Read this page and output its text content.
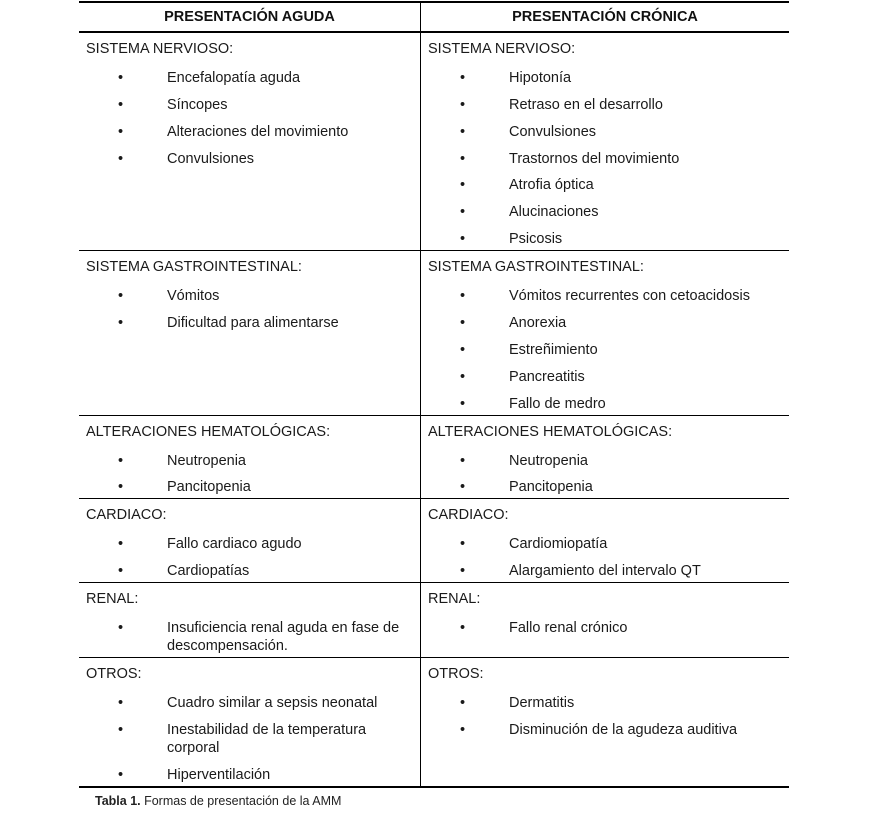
PRESENTACIÓN AGUDA	PRESENTACIÓN CRÓNICA

SISTEMA NERVIOSO:
•	Encefalopatía aguda
•	Síncopes
•	Alteraciones del movimiento
•	Convulsiones

SISTEMA NERVIOSO:
•	Hipotonía
•	Retraso en el desarrollo
•	Convulsiones
•	Trastornos del movimiento
•	Atrofia óptica
•	Alucinaciones
•	Psicosis

SISTEMA GASTROINTESTINAL:
•	Vómitos
•	Dificultad para alimentarse

SISTEMA GASTROINTESTINAL:
•	Vómitos recurrentes con cetoacidosis
•	Anorexia
•	Estreñimiento
•	Pancreatitis
•	Fallo de medro

ALTERACIONES HEMATOLÓGICAS:
•	Neutropenia
•	Pancitopenia

ALTERACIONES HEMATOLÓGICAS:
•	Neutropenia
•	Pancitopenia

CARDIACO:
•	Fallo cardiaco agudo
•	Cardiopatías

CARDIACO:
•	Cardiomiopatía
•	Alargamiento del intervalo QT

RENAL:
•	Insuficiencia renal aguda en fase de descompensación.

RENAL:
•	Fallo renal crónico

OTROS:
•	Cuadro similar a sepsis neonatal
•	Inestabilidad de la temperatura corporal
•	Hiperventilación

OTROS:
•	Dermatitis
•	Disminución de la agudeza auditiva
Tabla 1. Formas de presentación de la AMM
